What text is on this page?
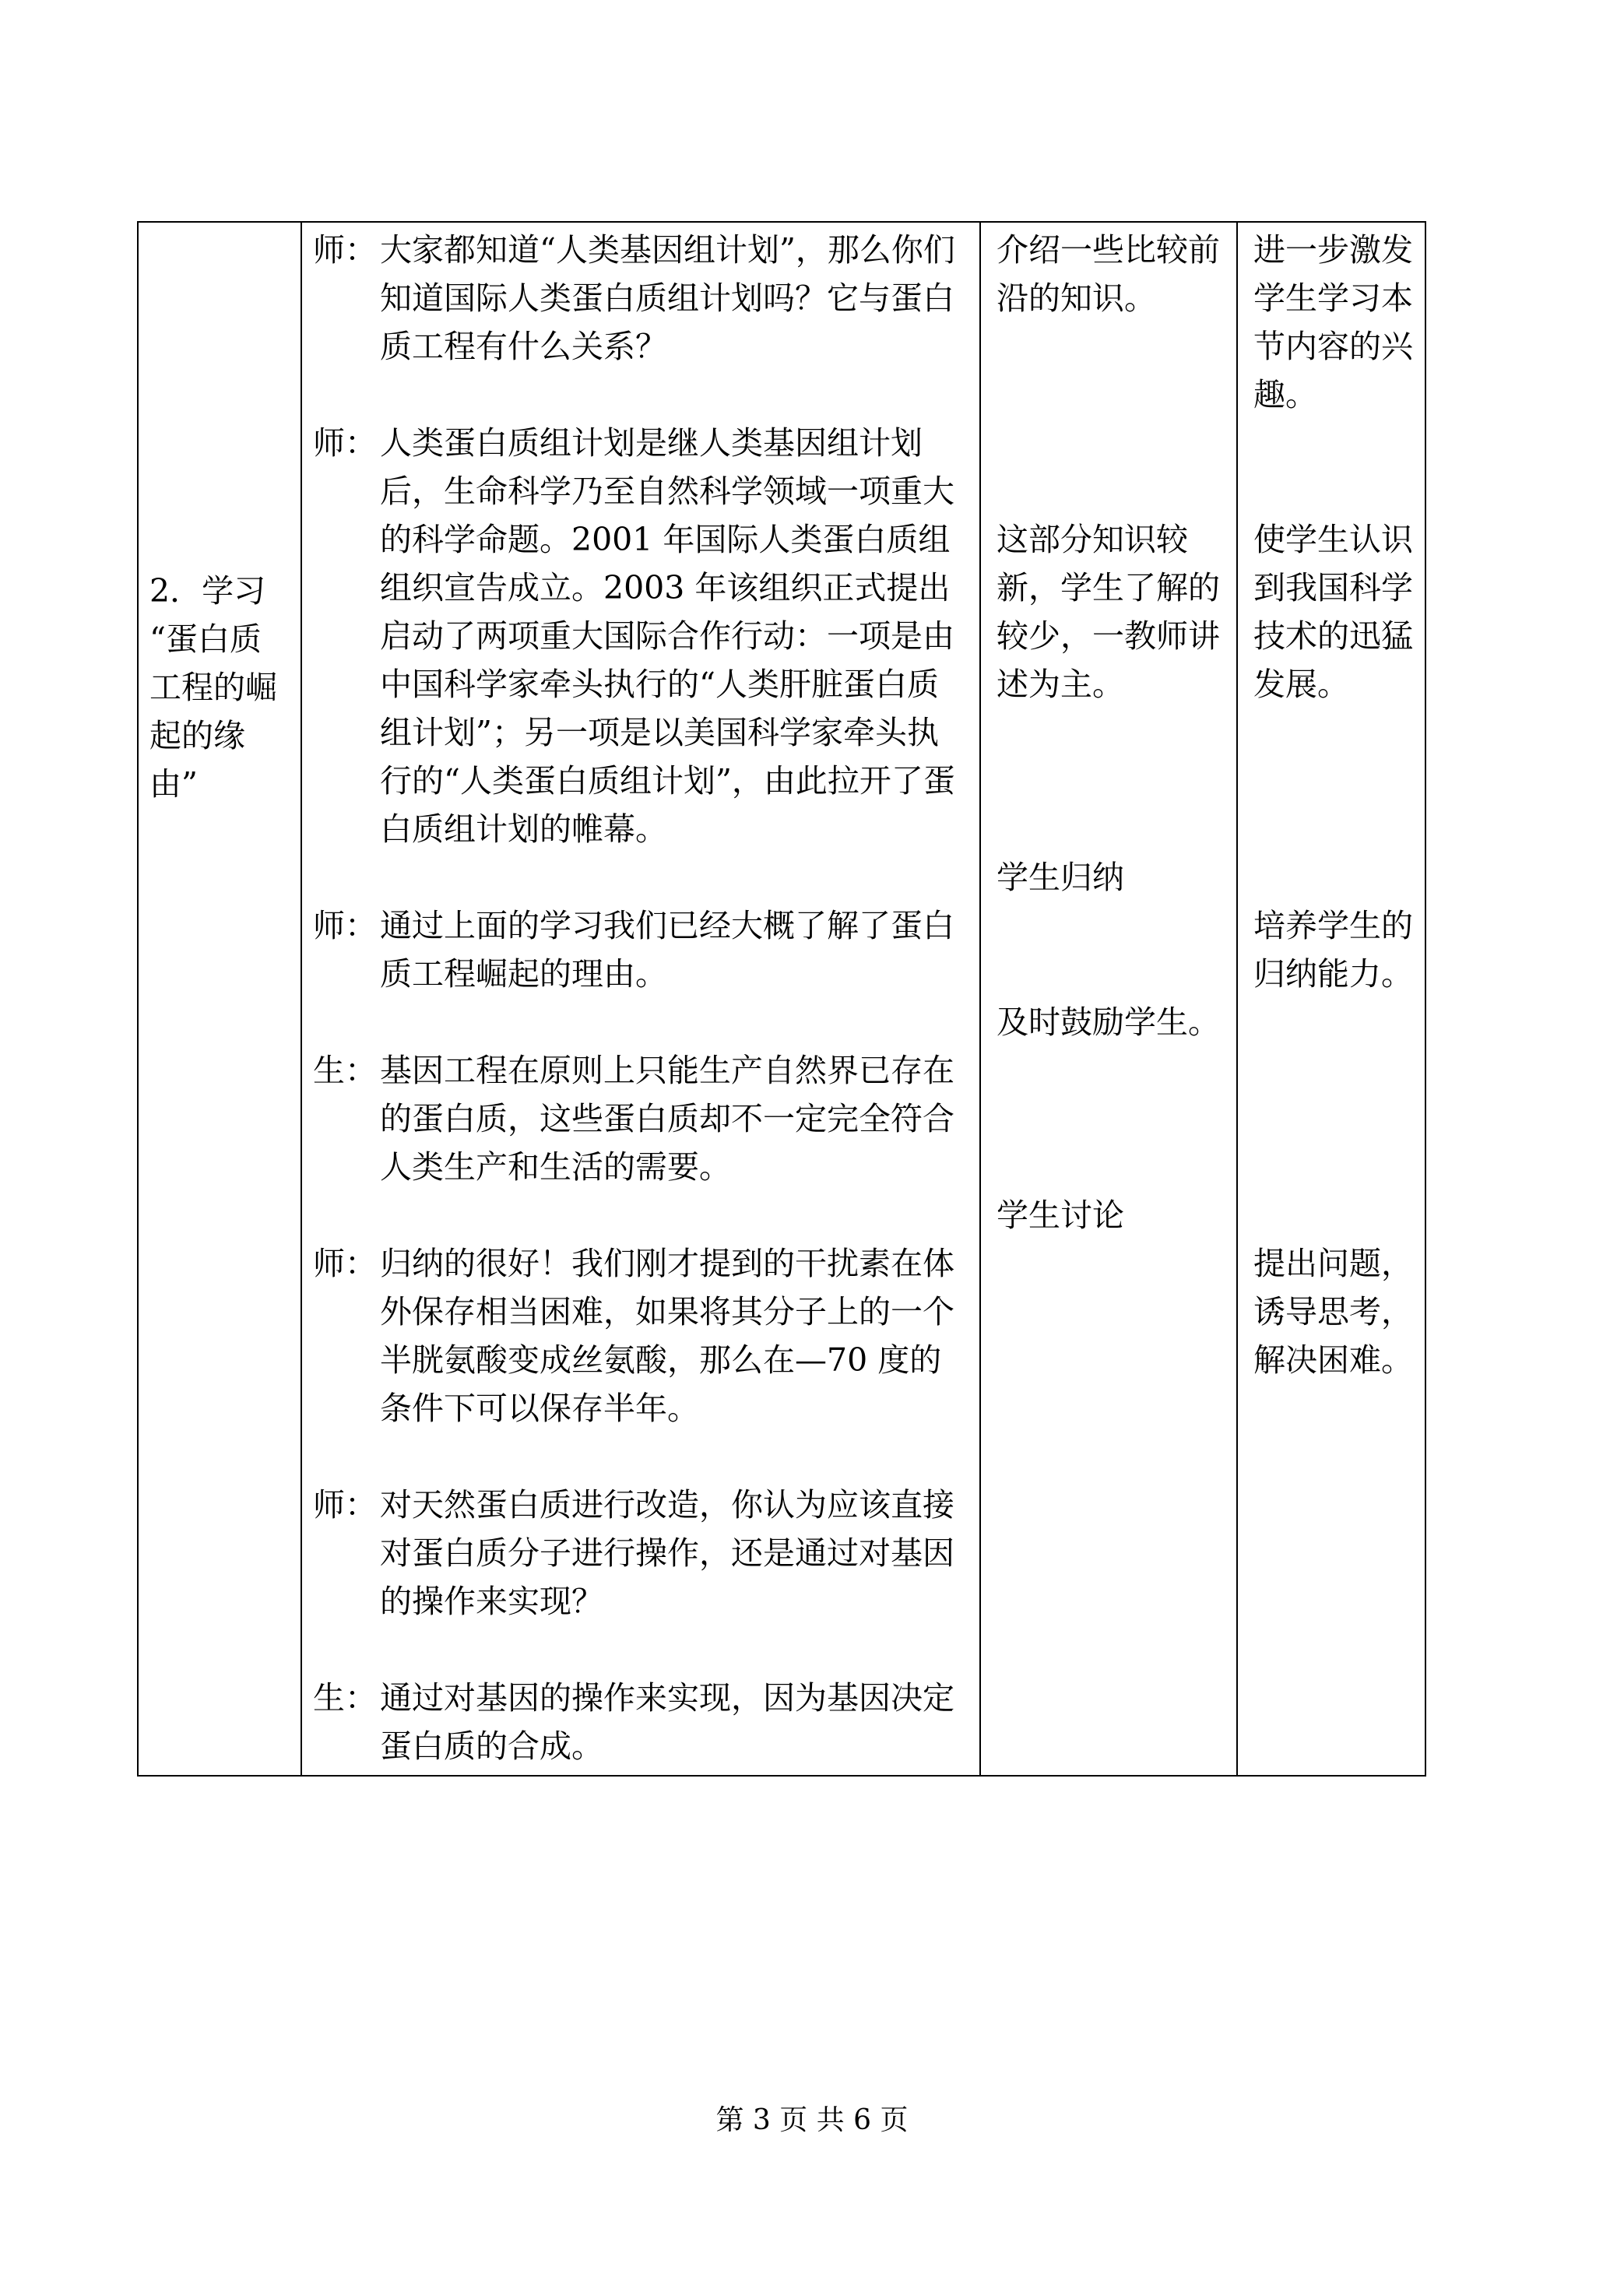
2．学习
“蛋白质
工程的崛
起的缘
由”
师： 大家都知道“人类基因组计划”，那么你们知道国际人类蛋白质组计划吗？它与蛋白质工程有什么关系？
师： 人类蛋白质组计划是继人类基因组计划后，生命科学乃至自然科学领域一项重大的科学命题。2001 年国际人类蛋白质组组织宣告成立。2003 年该组织正式提出启动了两项重大国际合作行动：一项是由中国科学家牵头执行的“人类肝脏蛋白质组计划”；另一项是以美国科学家牵头执行的“人类蛋白质组计划”，由此拉开了蛋白质组计划的帷幕。
师： 通过上面的学习我们已经大概了解了蛋白质工程崛起的理由。
生： 基因工程在原则上只能生产自然界已存在的蛋白质，这些蛋白质却不一定完全符合人类生产和生活的需要。
师： 归纳的很好！我们刚才提到的干扰素在体外保存相当困难，如果将其分子上的一个半胱氨酸变成丝氨酸，那么在—70 度的条件下可以保存半年。
师： 对天然蛋白质进行改造，你认为应该直接对蛋白质分子进行操作，还是通过对基因的操作来实现？
生： 通过对基因的操作来实现，因为基因决定蛋白质的合成。
介绍一些比较前沿的知识。
这部分知识较新，学生了解的较少，一教师讲述为主。
学生归纳
及时鼓励学生。
学生讨论
进一步激发学生学习本节内容的兴趣。
使学生认识到我国科学技术的迅猛发展。
培养学生的归纳能力。
提出问题，诱导思考，解决困难。
第 3 页 共 6 页
